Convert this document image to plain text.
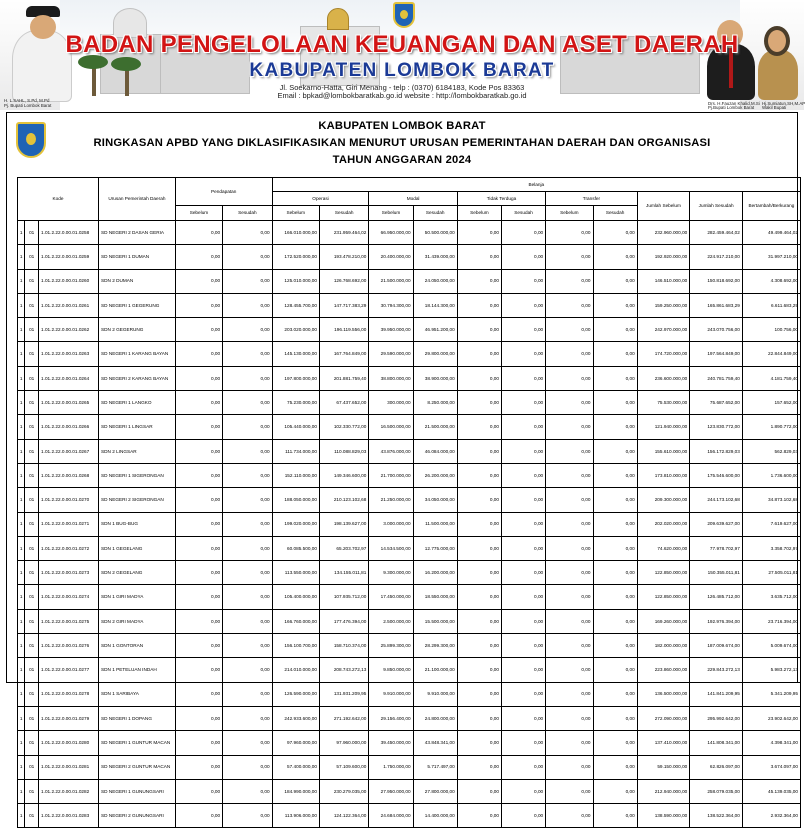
BADAN PENGELOLAAN KEUANGAN DAN ASET DAERAH
KABUPATEN LOMBOK BARAT
Jl. Soekarno-Hatta, Giri Menang - telp : (0370) 6184183, Kode Pos 83363
Email : bpkad@lombokbaratkab.go.id website : http://lombokbaratkab.go.id
H. L.SAHL, S.Pd, M.Pd
Pj. Bupati Lombok Barat	Drs. H.Fauzan Khalid,M.Si
Pj.Bupati Lombok Barat
Hj.Sumiatun,SH,M.AP
Wakil Bupati
KABUPATEN LOMBOK BARAT
RINGKASAN APBD YANG DIKLASIFIKASIKAN MENURUT URUSAN PEMERINTAHAN DAERAH DAN ORGANISASI
TAHUN ANGGARAN 2024
Kode			Urusan Pemerintah Daerah	Pendapatan		Belanja										
						Operasi		Modal		Tidak Terduga		Transfer		Jumlah Sebelum	Jumlah Sesudah	Bertambah/Berkurang
				Sebelum	Sesudah	Sebelum	Sesudah	Sebelum	Sesudah	Sebelum	Sesudah	Sebelum	Sesudah			
1	01	1.01.2.22.0.00.01.0258	SD NEGERI 2 DASAN GERIA	0,00	0,00	166.010.000,00	231.959.464,02	66.950.000,00	50.500.000,00	0,00	0,00	0,00	0,00	232.960.000,00	282.459.464,02	49.499.464,02
1	01	1.01.2.22.0.00.01.0259	SD NEGERI 1 DUMAN	0,00	0,00	172.520.000,00	193.478.210,00	20.400.000,00	31.439.000,00	0,00	0,00	0,00	0,00	192.920.000,00	224.917.210,00	31.997.210,00
1	01	1.01.2.22.0.00.01.0260	SDN 2 DUMAN	0,00	0,00	125.010.000,00	126.768.692,00	21.500.000,00	24.050.000,00	0,00	0,00	0,00	0,00	146.510.000,00	150.818.692,00	4.308.692,00
1	01	1.01.2.22.0.00.01.0261	SD NEGERI 1 GEGERUNG	0,00	0,00	128.455.700,00	147.717.383,29	30.794.300,00	18.144.300,00	0,00	0,00	0,00	0,00	159.250.000,00	165.861.683,29	6.611.683,29
1	01	1.01.2.22.0.00.01.0262	SDN 2 GEGERUNG	0,00	0,00	203.020.000,00	196.119.556,00	39.950.000,00	46.951.200,00	0,00	0,00	0,00	0,00	242.970.000,00	243.070.756,00	100.756,00
1	01	1.01.2.22.0.00.01.0263	SD NEGERI 1 KARANG BAYAN	0,00	0,00	145.130.000,00	167.764.849,00	29.590.000,00	29.800.000,00	0,00	0,00	0,00	0,00	174.720.000,00	197.564.849,00	22.844.849,00
1	01	1.01.2.22.0.00.01.0264	SD NEGERI 2 KARANG BAYAN	0,00	0,00	197.800.000,00	201.881.759,40	38.800.000,00	38.900.000,00	0,00	0,00	0,00	0,00	236.600.000,00	240.781.759,40	4.181.759,40
1	01	1.01.2.22.0.00.01.0265	SD NEGERI 1 LANGKO	0,00	0,00	75.230.000,00	67.437.652,00	300.000,00	8.250.000,00	0,00	0,00	0,00	0,00	75.530.000,00	75.687.652,00	157.652,00
1	01	1.01.2.22.0.00.01.0266	SD NEGERI 1 LINGSAR	0,00	0,00	105.440.000,00	102.330.772,00	16.500.000,00	21.500.000,00	0,00	0,00	0,00	0,00	121.940.000,00	123.830.772,00	1.890.772,00
1	01	1.01.2.22.0.00.01.0267	SDN 2 LINGSAR	0,00	0,00	111.734.000,00	110.088.829,03	43.876.000,00	46.084.000,00	0,00	0,00	0,00	0,00	155.610.000,00	156.172.829,03	562.829,03
1	01	1.01.2.22.0.00.01.0268	SD NEGERI 1 SIGERONGAN	0,00	0,00	152.110.000,00	149.346.600,00	21.700.000,00	26.200.000,00	0,00	0,00	0,00	0,00	173.810.000,00	175.546.600,00	1.736.600,00
1	01	1.01.2.22.0.00.01.0270	SD NEGERI 2 SIGERONGAN	0,00	0,00	188.050.000,00	210.123.102,68	21.250.000,00	34.050.000,00	0,00	0,00	0,00	0,00	209.300.000,00	244.173.102,68	34.873.102,68
1	01	1.01.2.22.0.00.01.0271	SDN 1 BUG-BUG	0,00	0,00	199.020.000,00	198.139.627,00	3.000.000,00	11.500.000,00	0,00	0,00	0,00	0,00	202.020.000,00	209.639.627,00	7.619.627,00
1	01	1.01.2.22.0.00.01.0272	SDN 1 GEGELANG	0,00	0,00	60.085.500,00	65.203.702,97	14.534.500,00	12.775.000,00	0,00	0,00	0,00	0,00	74.620.000,00	77.978.702,97	3.358.702,97
1	01	1.01.2.22.0.00.01.0273	SDN 2 GEGELANG	0,00	0,00	113.550.000,00	134.155.011,81	9.300.000,00	16.200.000,00	0,00	0,00	0,00	0,00	122.850.000,00	150.355.011,81	27.505.011,81
1	01	1.01.2.22.0.00.01.0274	SDN 1 GIRI MADYA	0,00	0,00	105.400.000,00	107.935.712,00	17.450.000,00	18.550.000,00	0,00	0,00	0,00	0,00	122.850.000,00	126.485.712,00	3.635.712,00
1	01	1.01.2.22.0.00.01.0275	SDN 2 GIRI MADYA	0,00	0,00	166.760.000,00	177.476.394,00	2.500.000,00	15.500.000,00	0,00	0,00	0,00	0,00	169.260.000,00	192.976.394,00	23.716.394,00
1	01	1.01.2.22.0.00.01.0276	SDN 1 GONTORAN	0,00	0,00	156.100.700,00	158.710.374,00	25.899.300,00	28.299.300,00	0,00	0,00	0,00	0,00	182.000.000,00	187.009.674,00	5.009.674,00
1	01	1.01.2.22.0.00.01.0277	SDN 1 PETELUAN INDAH	0,00	0,00	214.010.000,00	208.743.272,13	9.850.000,00	21.100.000,00	0,00	0,00	0,00	0,00	223.860.000,00	229.843.272,13	5.983.272,13
1	01	1.01.2.22.0.00.01.0278	SDN 1 SARIBAYA	0,00	0,00	126.590.000,00	131.931.209,95	9.910.000,00	9.910.000,00	0,00	0,00	0,00	0,00	136.500.000,00	141.841.209,95	5.341.209,95
1	01	1.01.2.22.0.00.01.0279	SD NEGERI 1 DOPANG	0,00	0,00	242.933.600,00	271.192.642,00	29.156.400,00	24.800.000,00	0,00	0,00	0,00	0,00	272.090.000,00	295.992.642,00	23.902.642,00
1	01	1.01.2.22.0.00.01.0280	SD NEGERI 1 GUNTUR MACAN	0,00	0,00	97.960.000,00	97.960.000,00	39.450.000,00	43.848.341,00	0,00	0,00	0,00	0,00	137.410.000,00	141.808.341,00	4.398.341,00
1	01	1.01.2.22.0.00.01.0281	SD NEGERI 2 GUNTUR MACAN	0,00	0,00	57.400.000,00	57.109.600,00	1.750.000,00	5.717.497,00	0,00	0,00	0,00	0,00	59.150.000,00	62.826.097,00	3.674.097,00
1	01	1.01.2.22.0.00.01.0282	SD NEGERI 1 GUNUNGSARI	0,00	0,00	184.990.000,00	230.279.035,00	27.950.000,00	27.800.000,00	0,00	0,00	0,00	0,00	212.940.000,00	258.079.035,00	45.139.035,00
1	01	1.01.2.22.0.00.01.0283	SD NEGERI 2 GUNUNGSARI	0,00	0,00	113.906.000,00	124.122.364,00	24.684.000,00	14.400.000,00	0,00	0,00	0,00	0,00	138.590.000,00	138.522.364,00	2.932.364,00
